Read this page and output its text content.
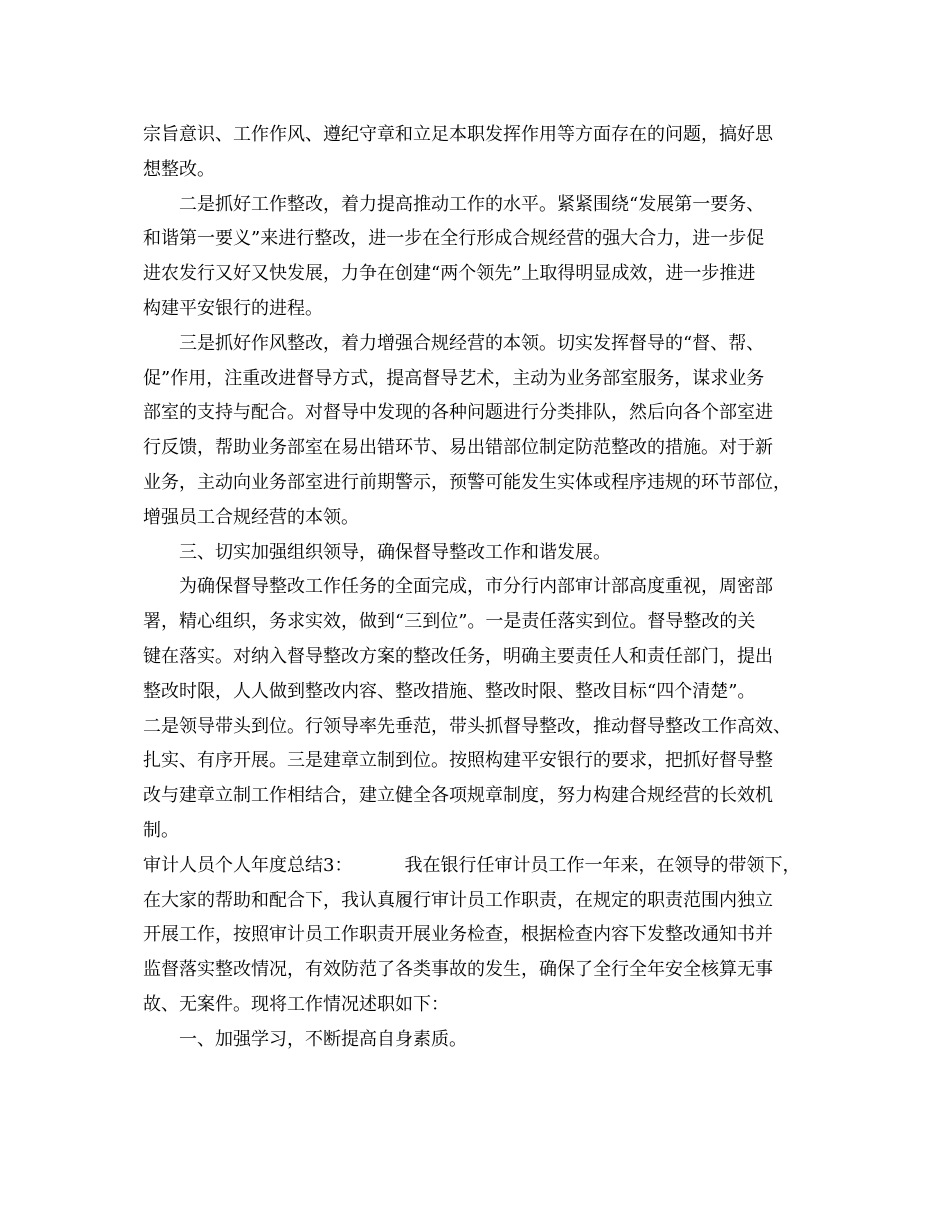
宗旨意识、工作作风、遵纪守章和立足本职发挥作用等方面存在的问题，搞好思
想整改。
二是抓好工作整改，着力提高推动工作的水平。紧紧围绕“发展第一要务、
和谐第一要义”来进行整改，进一步在全行形成合规经营的强大合力，进一步促
进农发行又好又快发展，力争在创建“两个领先”上取得明显成效，进一步推进
构建平安银行的进程。
三是抓好作风整改，着力增强合规经营的本领。切实发挥督导的“督、帮、
促”作用，注重改进督导方式，提高督导艺术，主动为业务部室服务，谋求业务
部室的支持与配合。对督导中发现的各种问题进行分类排队，然后向各个部室进
行反馈，帮助业务部室在易出错环节、易出错部位制定防范整改的措施。对于新
业务，主动向业务部室进行前期警示，预警可能发生实体或程序违规的环节部位，
增强员工合规经营的本领。
三、切实加强组织领导，确保督导整改工作和谐发展。
为确保督导整改工作任务的全面完成，市分行内部审计部高度重视，周密部
署，精心组织，务求实效，做到“三到位”。一是责任落实到位。督导整改的关
键在落实。对纳入督导整改方案的整改任务，明确主要责任人和责任部门，提出
整改时限，人人做到整改内容、整改措施、整改时限、整改目标“四个清楚”。
二是领导带头到位。行领导率先垂范，带头抓督导整改，推动督导整改工作高效、
扎实、有序开展。三是建章立制到位。按照构建平安银行的要求，把抓好督导整
改与建章立制工作相结合，建立健全各项规章制度，努力构建合规经营的长效机
制。
审计人员个人年度总结3：	我在银行任审计员工作一年来，在领导的带领下，
在大家的帮助和配合下，我认真履行审计员工作职责，在规定的职责范围内独立
开展工作，按照审计员工作职责开展业务检查，根据检查内容下发整改通知书并
监督落实整改情况，有效防范了各类事故的发生，确保了全行全年安全核算无事
故、无案件。现将工作情况述职如下：
一、加强学习，不断提高自身素质。
